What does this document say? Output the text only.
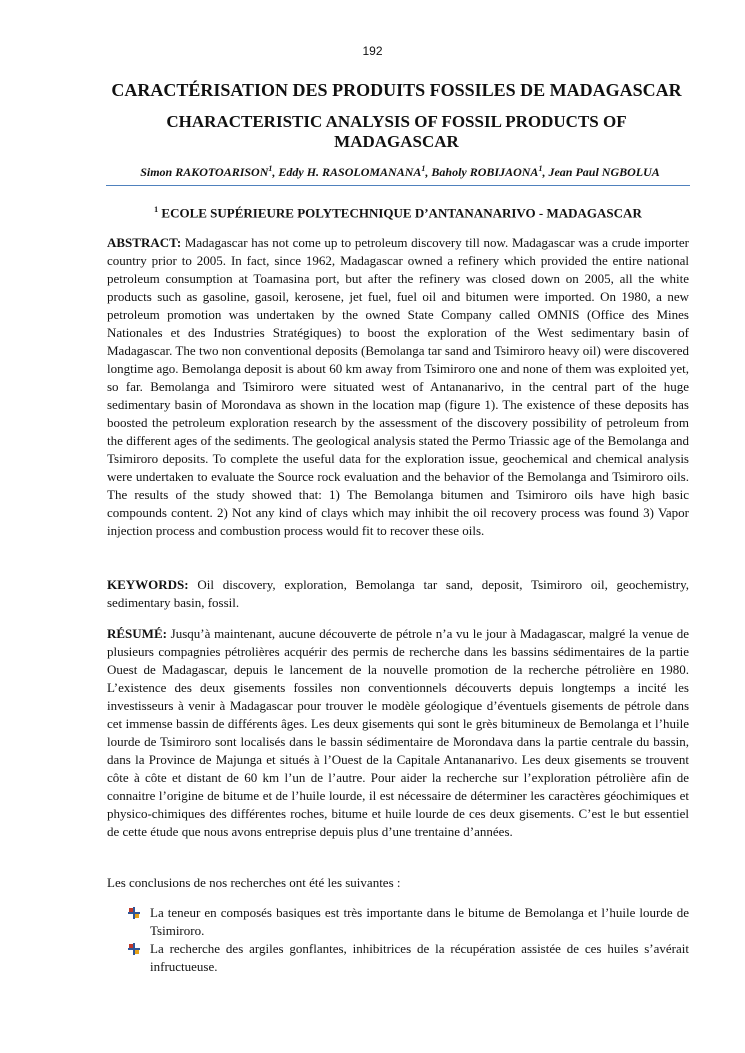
192
CARACTÉRISATION DES PRODUITS FOSSILES DE MADAGASCAR
CHARACTERISTIC ANALYSIS OF FOSSIL PRODUCTS OF MADAGASCAR
Simon RAKOTOARISON$^1$, Eddy H. RASOLOMANANA$^1$, Baholy ROBIJAONA$^1$, Jean Paul NGBOLUA
$^1$ ECOLE SUPÉRIEURE POLYTECHNIQUE D’ANTANANARIVO - MADAGASCAR

ABSTRACT: Madagascar has not come up to petroleum discovery till now. Madagascar was a crude importer country prior to 2005. In fact, since 1962, Madagascar owned a refinery which provided the entire national petroleum consumption at Toamasina port, but after the refinery was closed down on 2005, all the white products such as gasoline, gasoil, kerosene, jet fuel, fuel oil and bitumen were imported. On 1980, a new petroleum promotion was undertaken by the owned State Company called OMNIS (Office des Mines Nationales et des Industries Stratégiques) to boost the exploration of the West sedimentary basin of Madagascar. The two non conventional deposits (Bemolanga tar sand and Tsimiroro heavy oil) were discovered longtime ago. Bemolanga deposit is about 60 km away from Tsimiroro one and none of them was exploited yet, so far. Bemolanga and Tsimiroro were situated west of Antananarivo, in the central part of the huge sedimentary basin of Morondava as shown in the location map (figure 1). The existence of these deposits has boosted the petroleum exploration research by the assessment of the discovery possibility of petroleum from the different ages of the sediments. The geological analysis stated the Permo Triassic age of the Bemolanga and Tsimiroro deposits. To complete the useful data for the exploration issue, geochemical and chemical analysis were undertaken to evaluate the Source rock evaluation and the behavior of the Bemolanga and Tsimiroro oils. The results of the study showed that: 1) The Bemolanga bitumen and Tsimiroro oils have high basic compounds content. 2) Not any kind of clays which may inhibit the oil recovery process was found 3) Vapor injection process and combustion process would fit to recover these oils.

KEYWORDS: Oil discovery, exploration, Bemolanga tar sand, deposit, Tsimiroro oil, geochemistry, sedimentary basin, fossil.

RÉSUMÉ: Jusqu’à maintenant, aucune découverte de pétrole n’a vu le jour à Madagascar, malgré la venue de plusieurs compagnies pétrolières acquérir des permis de recherche dans les bassins sédimentaires de la partie Ouest de Madagascar, depuis le lancement de la nouvelle promotion de la recherche pétrolière en 1980. L’existence des deux gisements fossiles non conventionnels découverts depuis longtemps a incité les investisseurs à venir à Madagascar pour trouver le modèle géologique d’éventuels gisements de pétrole dans cet immense bassin de différents âges. Les deux gisements qui sont le grès bitumineux de Bemolanga et l’huile lourde de Tsimiroro sont localisés dans le bassin sédimentaire de Morondava dans la partie centrale du bassin, dans la Province de Majunga et situés à l’Ouest de la Capitale Antananarivo. Les deux gisements se trouvent côte à côte et distant de 60 km l’un de l’autre. Pour aider la recherche sur l’exploration pétrolière afin de connaitre l’origine de bitume et de l’huile lourde, il est nécessaire de déterminer les caractères géochimiques et physico-chimiques des différentes roches, bitume et huile lourde de ces deux gisements. C’est le but essentiel de cette étude que nous avons entreprise depuis plus d’une trentaine d’années.

Les conclusions de nos recherches ont été les suivantes :

La teneur en composés basiques est très importante dans le bitume de Bemolanga et l’huile lourde de Tsimiroro.
La recherche des argiles gonflantes, inhibitrices de la récupération assistée de ces huiles s’avérait infructueuse.
